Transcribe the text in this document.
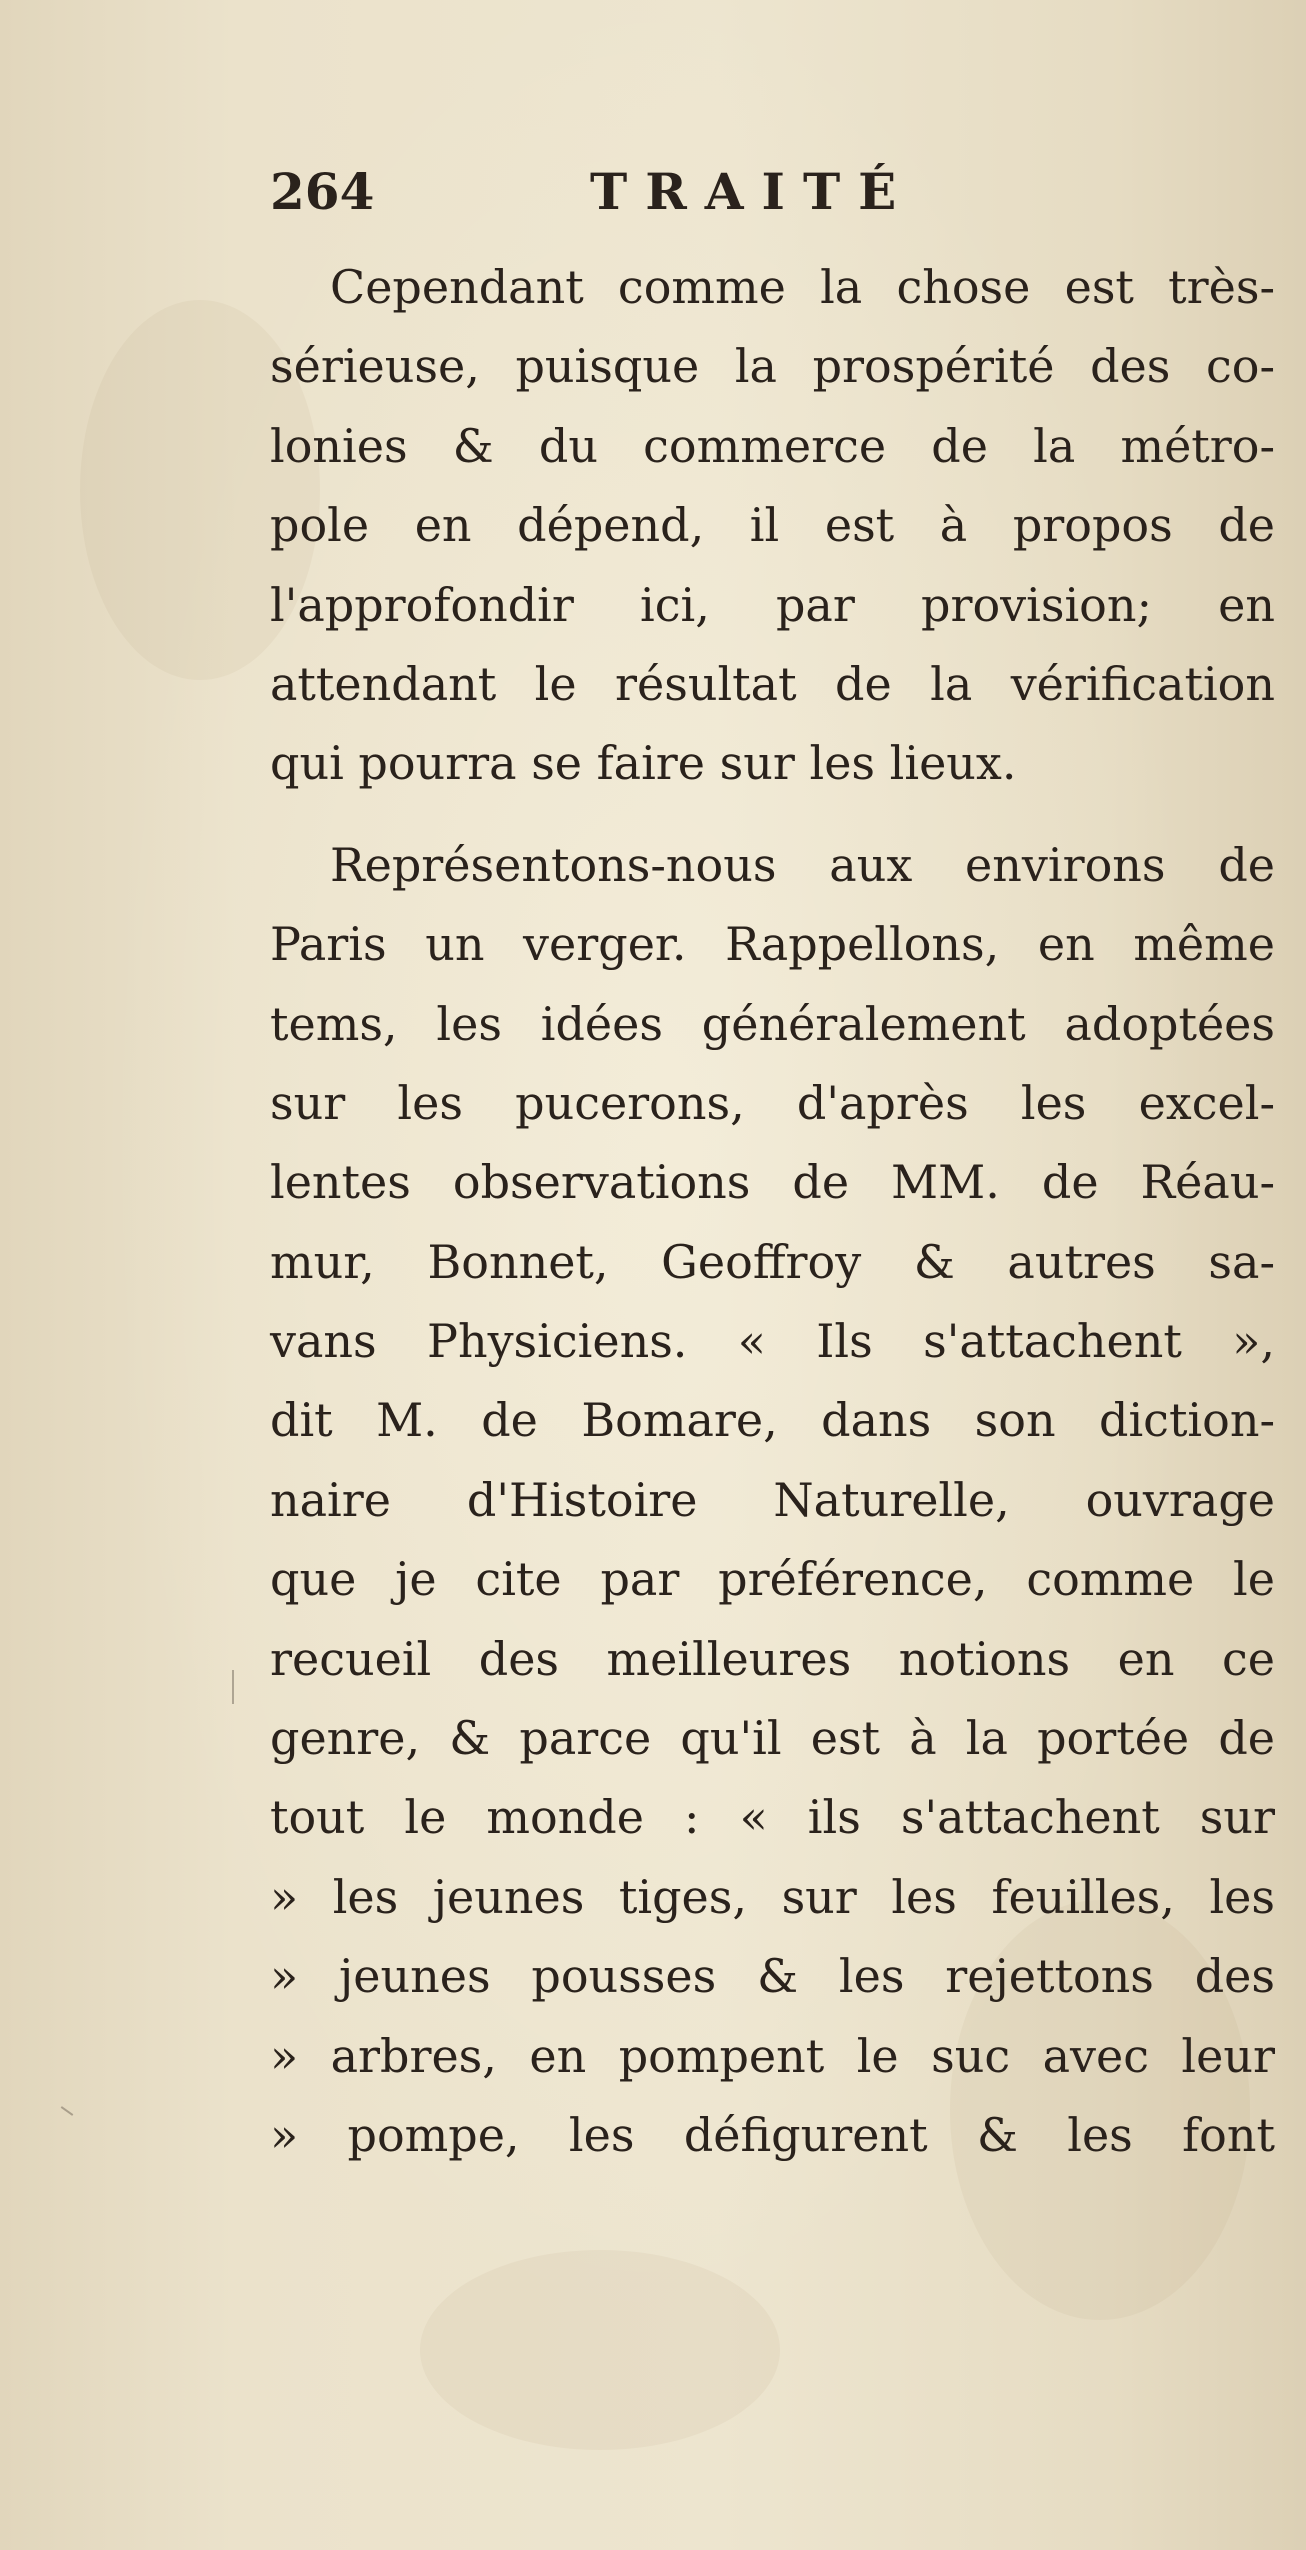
264	TRAITÉ
Cependant comme la chose est très-
sérieuse, puisque la prospérité des co-
lonies & du commerce de la métro-
pole en dépend, il est à propos de
l'approfondir ici, par provision; en
attendant le résultat de la vérification
qui pourra se faire sur les lieux.
Représentons-nous aux environs de
Paris un verger. Rappellons, en même
tems, les idées généralement adoptées
sur les pucerons, d'après les excel-
lentes observations de MM. de Réau-
mur, Bonnet, Geoffroy & autres sa-
vans Physiciens. « Ils s'attachent »,
dit M. de Bomare, dans son diction-
naire d'Histoire Naturelle, ouvrage
que je cite par préférence, comme le
recueil des meilleures notions en ce
genre, & parce qu'il est à la portée de
tout le monde : « ils s'attachent sur
» les jeunes tiges, sur les feuilles, les
» jeunes pousses & les rejettons des
» arbres, en pompent le suc avec leur
» pompe, les défigurent & les font
